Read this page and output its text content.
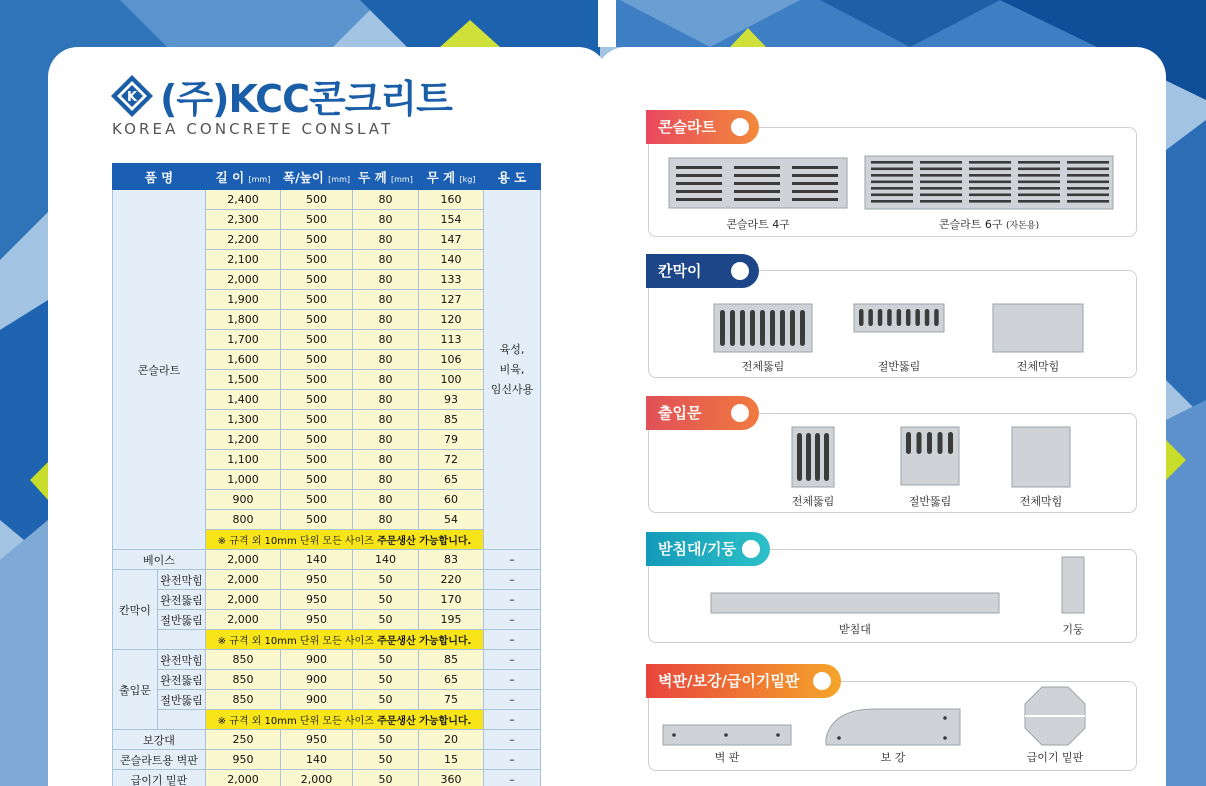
K (주)KCC콘크리트
KOREA CONCRETE CONSLAT
품 명		길 이 [mm]	폭/높이 [mm]	두 께 [mm]	무 게 [kg]	용 도
콘슬라트		2,400	500	80	160	육성,
비육,
임신사용

		2,300	500	80	154	
		2,200	500	80	147	
		2,100	500	80	140	
		2,000	500	80	133	
		1,900	500	80	127	
		1,800	500	80	120	
		1,700	500	80	113	
		1,600	500	80	106	
		1,500	500	80	100	
		1,400	500	80	93	
		1,300	500	80	85	
		1,200	500	80	79	
		1,100	500	80	72	
		1,000	500	80	65	
		900	500	80	60	
		800	500	80	54	
		※ 규격 외 10mm 단위 모든 사이즈 주문생산 가능합니다.				
베이스		2,000	140	140	83	–
칸막이	완전막힘	2,000	950	50	220	–
	완전뚫림	2,000	950	50	170	–
	절반뚫림	2,000	950	50	195	–
		※ 규격 외 10mm 단위 모든 사이즈 주문생산 가능합니다.				–
출입문	완전막힘	850	900	50	85	–
	완전뚫림	850	900	50	65	–
	절반뚫림	850	900	50	75	–
		※ 규격 외 10mm 단위 모든 사이즈 주문생산 가능합니다.				–
보강대		250	950	50	20	–
콘슬라트용 벽판		950	140	50	15	–
급이기 밑판		2,000	2,000	50	360	–
콘슬라트
콘슬라트 4구	콘슬라트 6구 (자돈용)
칸막이
전체뚫림	절반뚫림	전체막힘
출입문
전체뚫림	절반뚫림	전체막힘
받침대/기둥
받침대	기둥
벽판/보강/급이기밑판
벽 판	보 강	급이기 밑판
